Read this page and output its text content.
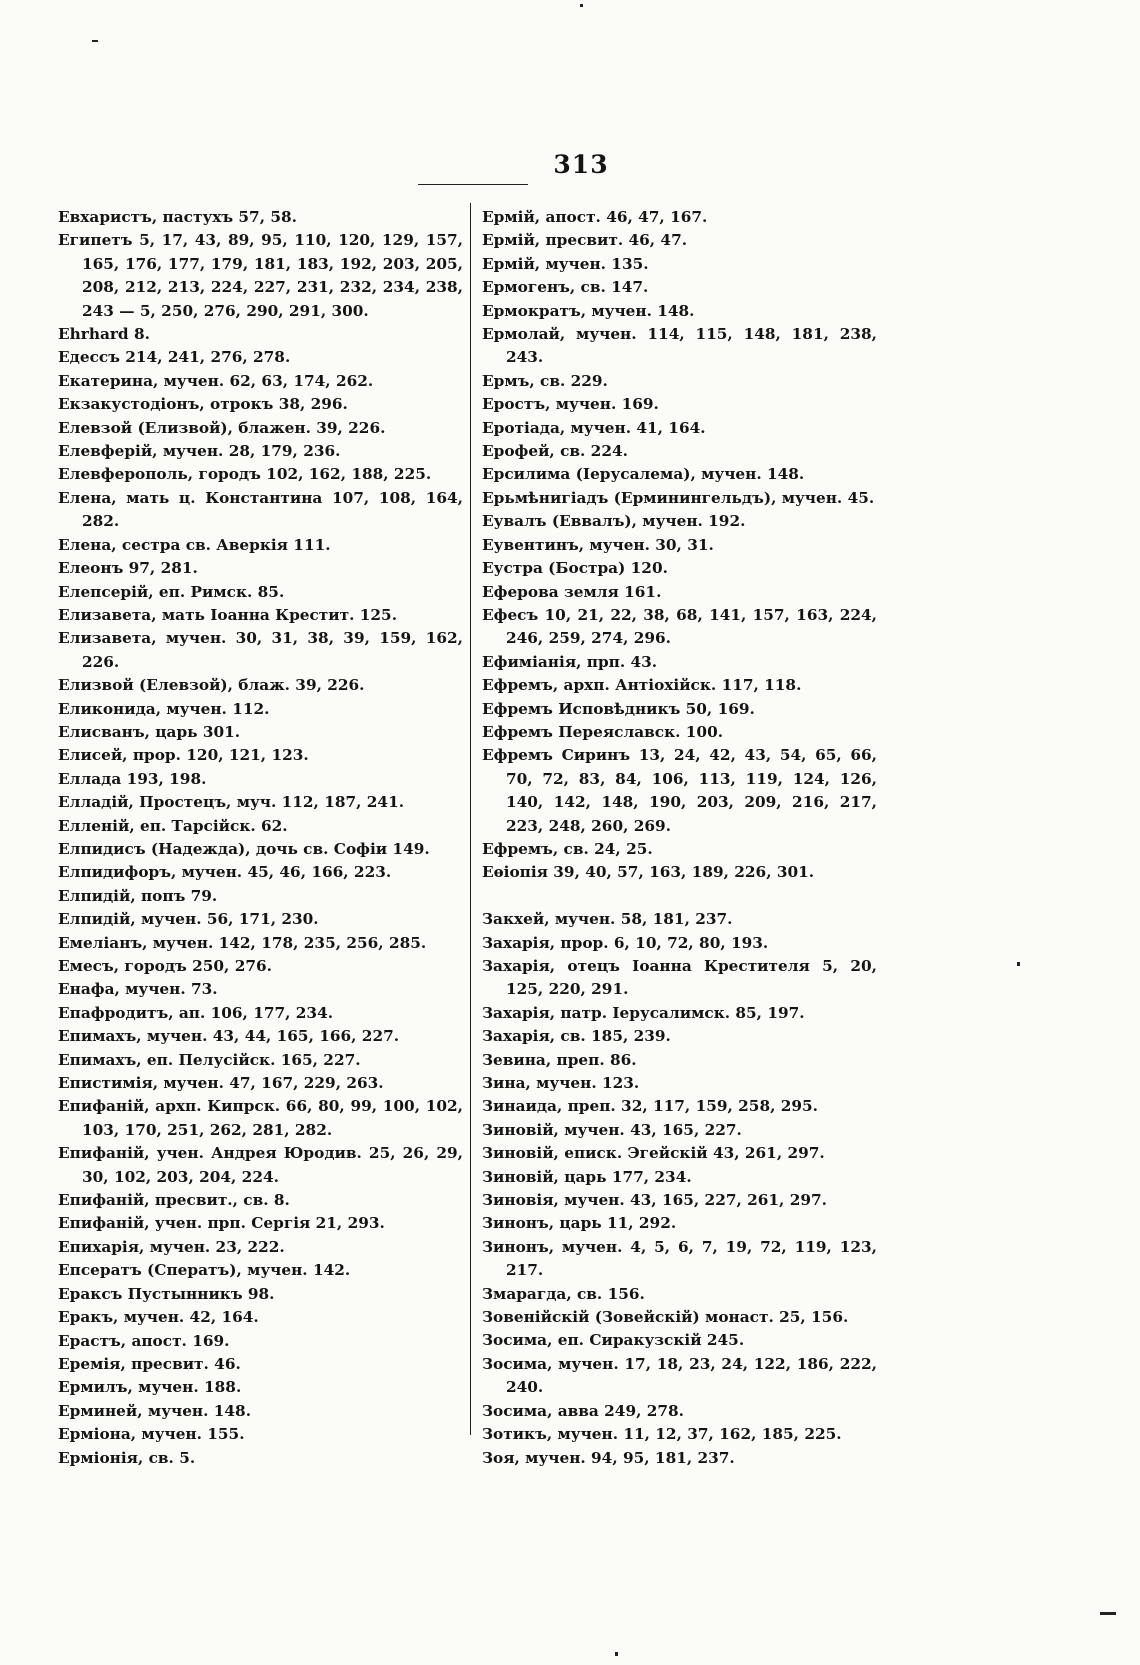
313
Евхаристъ, пастухъ 57, 58.
Египетъ 5, 17, 43, 89, 95, 110, 120, 129, 157, 165, 176, 177, 179, 181, 183, 192, 203, 205, 208, 212, 213, 224, 227, 231, 232, 234, 238, 243 — 5, 250, 276, 290, 291, 300.
Ehrhard 8.
Едессъ 214, 241, 276, 278.
Екатерина, мучен. 62, 63, 174, 262.
Екзакустодіонъ, отрокъ 38, 296.
Елевзой (Елизвой), блажен. 39, 226.
Елевферій, мучен. 28, 179, 236.
Елевферополь, городъ 102, 162, 188, 225.
Елена, мать ц. Константина 107, 108, 164, 282.
Елена, сестра св. Аверкія 111.
Елеонъ 97, 281.
Елепсерій, еп. Римск. 85.
Елизавета, мать Іоанна Крестит. 125.
Елизавета, мучен. 30, 31, 38, 39, 159, 162, 226.
Елизвой (Елевзой), блаж. 39, 226.
Еликонида, мучен. 112.
Елисванъ, царь 301.
Елисей, прор. 120, 121, 123.
Еллада 193, 198.
Елладій, Простецъ, муч. 112, 187, 241.
Елленій, еп. Тарсійск. 62.
Елпидисъ (Надежда), дочь св. Софіи 149.
Елпидифоръ, мучен. 45, 46, 166, 223.
Елпидій, попъ 79.
Елпидій, мучен. 56, 171, 230.
Емеліанъ, мучен. 142, 178, 235, 256, 285.
Емесъ, городъ 250, 276.
Енафа, мучен. 73.
Епафродитъ, ап. 106, 177, 234.
Епимахъ, мучен. 43, 44, 165, 166, 227.
Епимахъ, еп. Пелусійск. 165, 227.
Епистимія, мучен. 47, 167, 229, 263.
Епифаній, архп. Кипрск. 66, 80, 99, 100, 102, 103, 170, 251, 262, 281, 282.
Епифаній, учен. Андрея Юродив. 25, 26, 29, 30, 102, 203, 204, 224.
Епифаній, пресвит., св. 8.
Епифаній, учен. прп. Сергія 21, 293.
Епихарія, мучен. 23, 222.
Епсератъ (Сператъ), мучен. 142.
Ераксъ Пустынникъ 98.
Еракъ, мучен. 42, 164.
Ерастъ, апост. 169.
Еремія, пресвит. 46.
Ермилъ, мучен. 188.
Ерминей, мучен. 148.
Ерміона, мучен. 155.
Ерміонія, св. 5.
Ермій, апост. 46, 47, 167.
Ермій, пресвит. 46, 47.
Ермій, мучен. 135.
Ермогенъ, св. 147.
Ермократъ, мучен. 148.
Ермолай, мучен. 114, 115, 148, 181, 238, 243.
Ермъ, св. 229.
Еростъ, мучен. 169.
Еротіада, мучен. 41, 164.
Ерофей, св. 224.
Ерсилима (Іерусалема), мучен. 148.
Ерьмѣнигіадъ (Ерминингельдъ), мучен. 45.
Еувалъ (Еввалъ), мучен. 192.
Еувентинъ, мучен. 30, 31.
Еустра (Бостра) 120.
Еферова земля 161.
Ефесъ 10, 21, 22, 38, 68, 141, 157, 163, 224, 246, 259, 274, 296.
Ефиміанія, прп. 43.
Ефремъ, архп. Антіохійск. 117, 118.
Ефремъ Исповѣдникъ 50, 169.
Ефремъ Переяславск. 100.
Ефремъ Сиринъ 13, 24, 42, 43, 54, 65, 66, 70, 72, 83, 84, 106, 113, 119, 124, 126, 140, 142, 148, 190, 203, 209, 216, 217, 223, 248, 260, 269.
Ефремъ, св. 24, 25.
Еѳіопія 39, 40, 57, 163, 189, 226, 301.
Закхей, мучен. 58, 181, 237.
Захарія, прор. 6, 10, 72, 80, 193.
Захарія, отецъ Іоанна Крестителя 5, 20, 125, 220, 291.
Захарія, патр. Іерусалимск. 85, 197.
Захарія, св. 185, 239.
Зевина, преп. 86.
Зина, мучен. 123.
Зинаида, преп. 32, 117, 159, 258, 295.
Зиновій, мучен. 43, 165, 227.
Зиновій, еписк. Эгейскій 43, 261, 297.
Зиновій, царь 177, 234.
Зиновія, мучен. 43, 165, 227, 261, 297.
Зинонъ, царь 11, 292.
Зинонъ, мучен. 4, 5, 6, 7, 19, 72, 119, 123, 217.
Змарагда, св. 156.
Зовенійскій (Зовейскій) монаст. 25, 156.
Зосима, еп. Сиракузскій 245.
Зосима, мучен. 17, 18, 23, 24, 122, 186, 222, 240.
Зосима, авва 249, 278.
Зотикъ, мучен. 11, 12, 37, 162, 185, 225.
Зоя, мучен. 94, 95, 181, 237.
